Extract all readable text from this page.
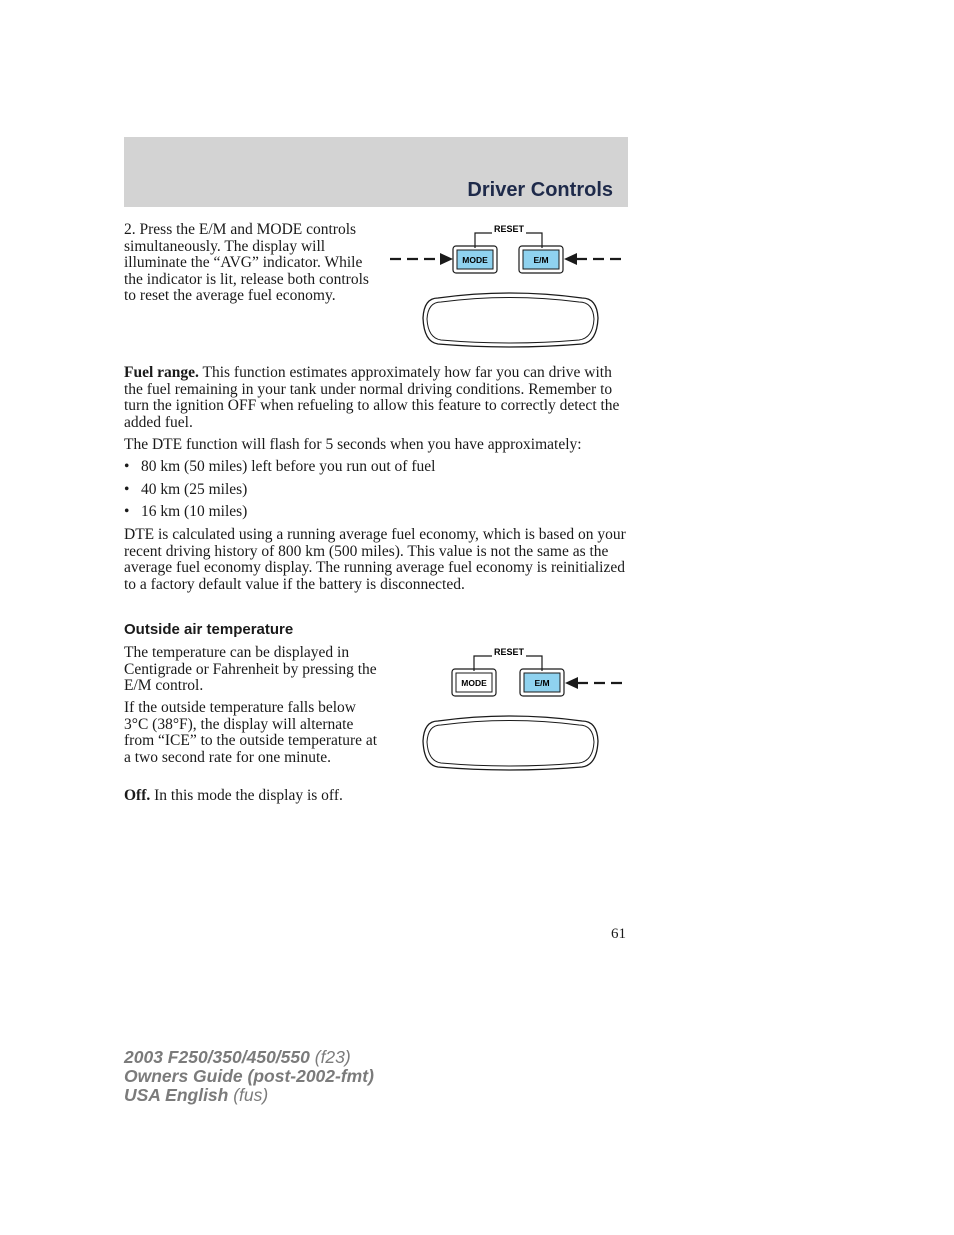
Driver Controls

2. Press the E/M and MODE controls simultaneously. The display will illuminate the “AVG” indicator. While the indicator is lit, release both controls to reset the average fuel economy.

RESET
MODE	E/M

Fuel range. This function estimates approximately how far you can drive with the fuel remaining in your tank under normal driving conditions. Remember to turn the ignition OFF when refueling to allow this feature to correctly detect the added fuel.

The DTE function will flash for 5 seconds when you have approximately:

• 80 km (50 miles) left before you run out of fuel
• 40 km (25 miles)
• 16 km (10 miles)

DTE is calculated using a running average fuel economy, which is based on your recent driving history of 800 km (500 miles). This value is not the same as the average fuel economy display. The running average fuel economy is reinitialized to a factory default value if the battery is disconnected.

Outside air temperature

The temperature can be displayed in Centigrade or Fahrenheit by pressing the E/M control.

If the outside temperature falls below 3°C (38°F), the display will alternate from “ICE” to the outside temperature at a two second rate for one minute.

Off. In this mode the display is off.

RESET
MODE	E/M
61
2003 F250/350/450/550 (f23)
Owners Guide (post-2002-fmt)
USA English (fus)
